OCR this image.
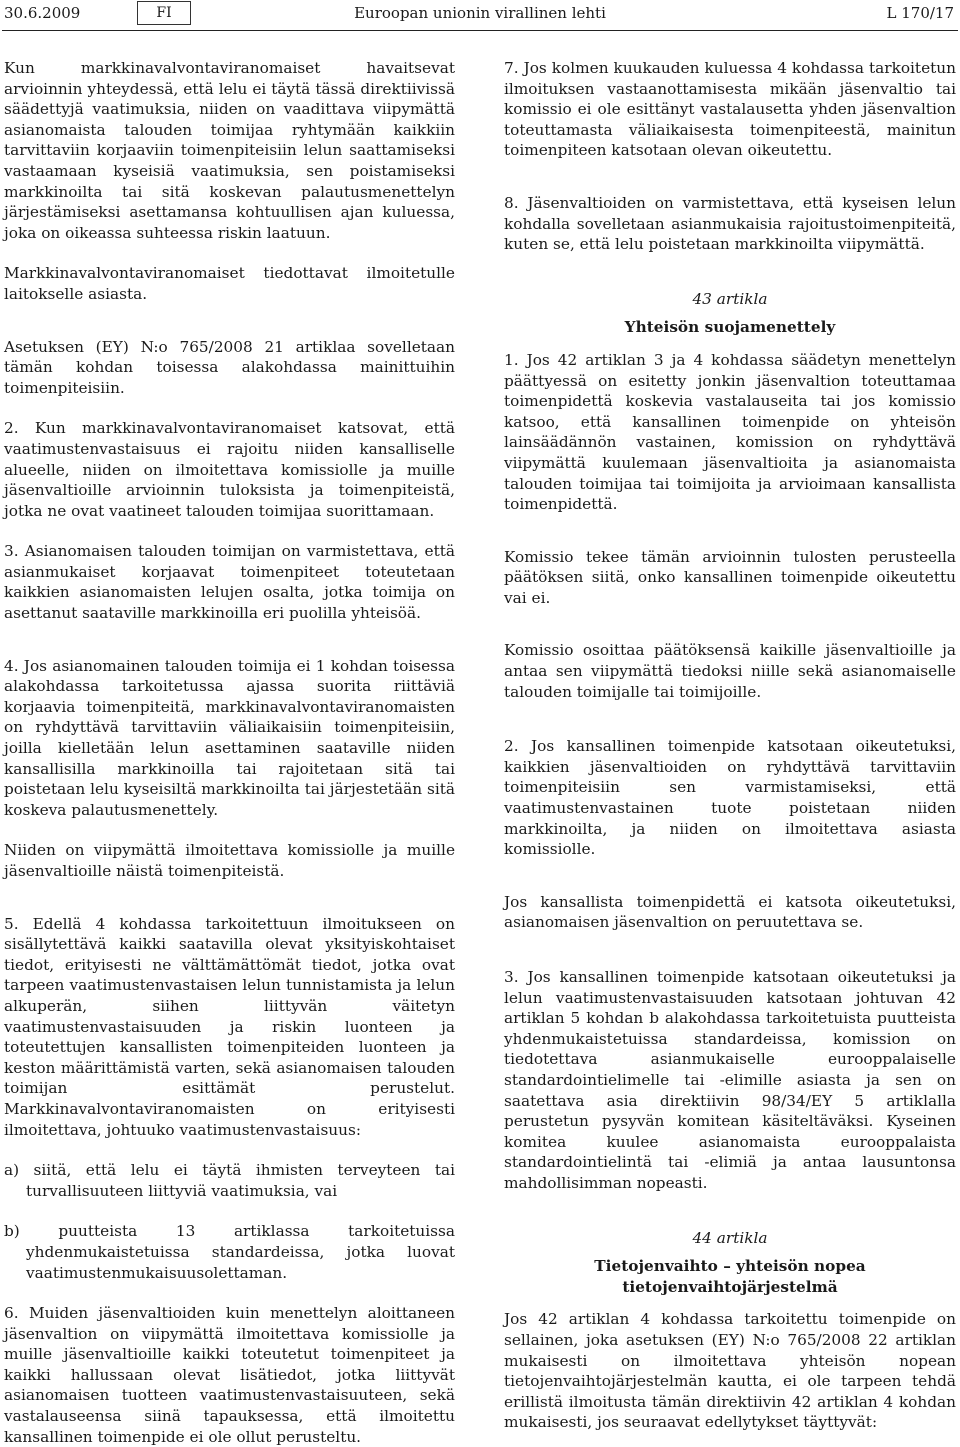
Euroopan unionin virallinen lehti
30.6.2009	FI	L 170/17

Kun markkinavalvontaviranomaiset havaitsevat arvioinnin yhteydessä, että lelu ei täytä tässä direktiivissä säädettyjä vaatimuksia, niiden on vaadittava viipymättä asianomaista talouden toimijaa ryhtymään kaikkiin tarvittaviin korjaaviin toimenpiteisiin lelun saattamiseksi vastaamaan kyseisiä vaatimuksia, sen poistamiseksi markkinoilta tai sitä koskevan palautusmenettelyn järjestämiseksi asettamansa kohtuullisen ajan kuluessa, joka on oikeassa suhteessa riskin laatuun.

Markkinavalvontaviranomaiset tiedottavat ilmoitetulle laitokselle asiasta.

Asetuksen (EY) N:o 765/2008 21 artiklaa sovelletaan tämän kohdan toisessa alakohdassa mainittuihin toimenpiteisiin.

2. Kun markkinavalvontaviranomaiset katsovat, että vaatimustenvastaisuus ei rajoitu niiden kansalliselle alueelle, niiden on ilmoitettava komissiolle ja muille jäsenvaltioille arvioinnin tuloksista ja toimenpiteistä, jotka ne ovat vaatineet talouden toimijaa suorittamaan.

3. Asianomaisen talouden toimijan on varmistettava, että asianmukaiset korjaavat toimenpiteet toteutetaan kaikkien asianomaisten lelujen osalta, jotka toimija on asettanut saataville markkinoilla eri puolilla yhteisöä.

4. Jos asianomainen talouden toimija ei 1 kohdan toisessa alakohdassa tarkoitetussa ajassa suorita riittäviä korjaavia toimenpiteitä, markkinavalvontaviranomaisten on ryhdyttävä tarvittaviin väliaikaisiin toimenpiteisiin, joilla kielletään lelun asettaminen saataville niiden kansallisilla markkinoilla tai rajoitetaan sitä tai poistetaan lelu kyseisiltä markkinoilta tai järjestetään sitä koskeva palautusmenettely.

Niiden on viipymättä ilmoitettava komissiolle ja muille jäsenvaltioille näistä toimenpiteistä.

5. Edellä 4 kohdassa tarkoitettuun ilmoitukseen on sisällytettävä kaikki saatavilla olevat yksityiskohtaiset tiedot, erityisesti ne välttämättömät tiedot, jotka ovat tarpeen vaatimustenvastaisen lelun tunnistamista ja lelun alkuperän, siihen liittyvän väitetyn vaatimustenvastaisuuden ja riskin luonteen ja toteutettujen kansallisten toimenpiteiden luonteen ja keston määrittämistä varten, sekä asianomaisen talouden toimijan esittämät perustelut. Markkinavalvontaviranomaisten on erityisesti ilmoitettava, johtuuko vaatimustenvastaisuus:

a) siitä, että lelu ei täytä ihmisten terveyteen tai turvallisuuteen liittyviä vaatimuksia, vai

b) puutteista 13 artiklassa tarkoitetuissa yhdenmukaistetuissa standardeissa, jotka luovat vaatimustenmukaisuusolettaman.

6. Muiden jäsenvaltioiden kuin menettelyn aloittaneen jäsenvaltion on viipymättä ilmoitettava komissiolle ja muille jäsenvaltioille kaikki toteutetut toimenpiteet ja kaikki hallussaan olevat lisätiedot, jotka liittyvät asianomaisen tuotteen vaatimustenvastaisuuteen, sekä vastalauseensa siinä tapauksessa, että ilmoitettu kansallinen toimenpide ei ole ollut perusteltu.

7. Jos kolmen kuukauden kuluessa 4 kohdassa tarkoitetun ilmoituksen vastaanottamisesta mikään jäsenvaltio tai komissio ei ole esittänyt vastalausetta yhden jäsenvaltion toteuttamasta väliaikaisesta toimenpiteestä, mainitun toimenpiteen katsotaan olevan oikeutettu.

8. Jäsenvaltioiden on varmistettava, että kyseisen lelun kohdalla sovelletaan asianmukaisia rajoitustoimenpiteitä, kuten se, että lelu poistetaan markkinoilta viipymättä.

43 artikla

Yhteisön suojamenettely

1. Jos 42 artiklan 3 ja 4 kohdassa säädetyn menettelyn päättyessä on esitetty jonkin jäsenvaltion toteuttamaa toimenpidettä koskevia vastalauseita tai jos komissio katsoo, että kansallinen toimenpide on yhteisön lainsäädännön vastainen, komission on ryhdyttävä viipymättä kuulemaan jäsenvaltioita ja asianomaista talouden toimijaa tai toimijoita ja arvioimaan kansallista toimenpidettä.

Komissio tekee tämän arvioinnin tulosten perusteella päätöksen siitä, onko kansallinen toimenpide oikeutettu vai ei.

Komissio osoittaa päätöksensä kaikille jäsenvaltioille ja antaa sen viipymättä tiedoksi niille sekä asianomaiselle talouden toimijalle tai toimijoille.

2. Jos kansallinen toimenpide katsotaan oikeutetuksi, kaikkien jäsenvaltioiden on ryhdyttävä tarvittaviin toimenpiteisiin sen varmistamiseksi, että vaatimustenvastainen tuote poistetaan niiden markkinoilta, ja niiden on ilmoitettava asiasta komissiolle.

Jos kansallista toimenpidettä ei katsota oikeutetuksi, asianomaisen jäsenvaltion on peruutettava se.

3. Jos kansallinen toimenpide katsotaan oikeutetuksi ja lelun vaatimustenvastaisuuden katsotaan johtuvan 42 artiklan 5 kohdan b alakohdassa tarkoitetuista puutteista yhdenmukaistetuissa standardeissa, komission on tiedotettava asianmukaiselle eurooppalaiselle standardointielimelle tai -elimille asiasta ja sen on saatettava asia direktiivin 98/34/EY 5 artiklalla perustetun pysyvän komitean käsiteltäväksi. Kyseinen komitea kuulee asianomaista eurooppalaista standardointielintä tai -elimiä ja antaa lausuntonsa mahdollisimman nopeasti.

44 artikla

Tietojenvaihto – yhteisön nopea tietojenvaihtojärjestelmä

Jos 42 artiklan 4 kohdassa tarkoitettu toimenpide on sellainen, joka asetuksen (EY) N:o 765/2008 22 artiklan mukaisesti on ilmoitettava yhteisön nopean tietojenvaihtojärjestelmän kautta, ei ole tarpeen tehdä erillistä ilmoitusta tämän direktiivin 42 artiklan 4 kohdan mukaisesti, jos seuraavat edellytykset täyttyvät:
